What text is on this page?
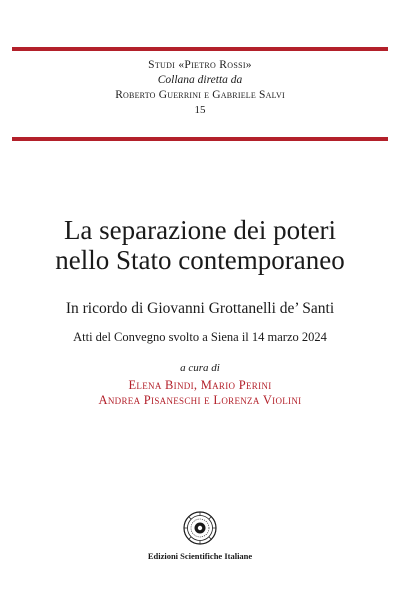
Studi «Pietro Rossi»
Collana diretta da
Roberto Guerrini e Gabriele Salvi
15
La separazione dei poteri
nello Stato contemporaneo
In ricordo di Giovanni Grottanelli de’ Santi
Atti del Convegno svolto a Siena il 14 marzo 2024
a cura di
Elena Bindi, Mario Perini
Andrea Pisaneschi e Lorenza Violini
Edizioni Scientifiche Italiane
